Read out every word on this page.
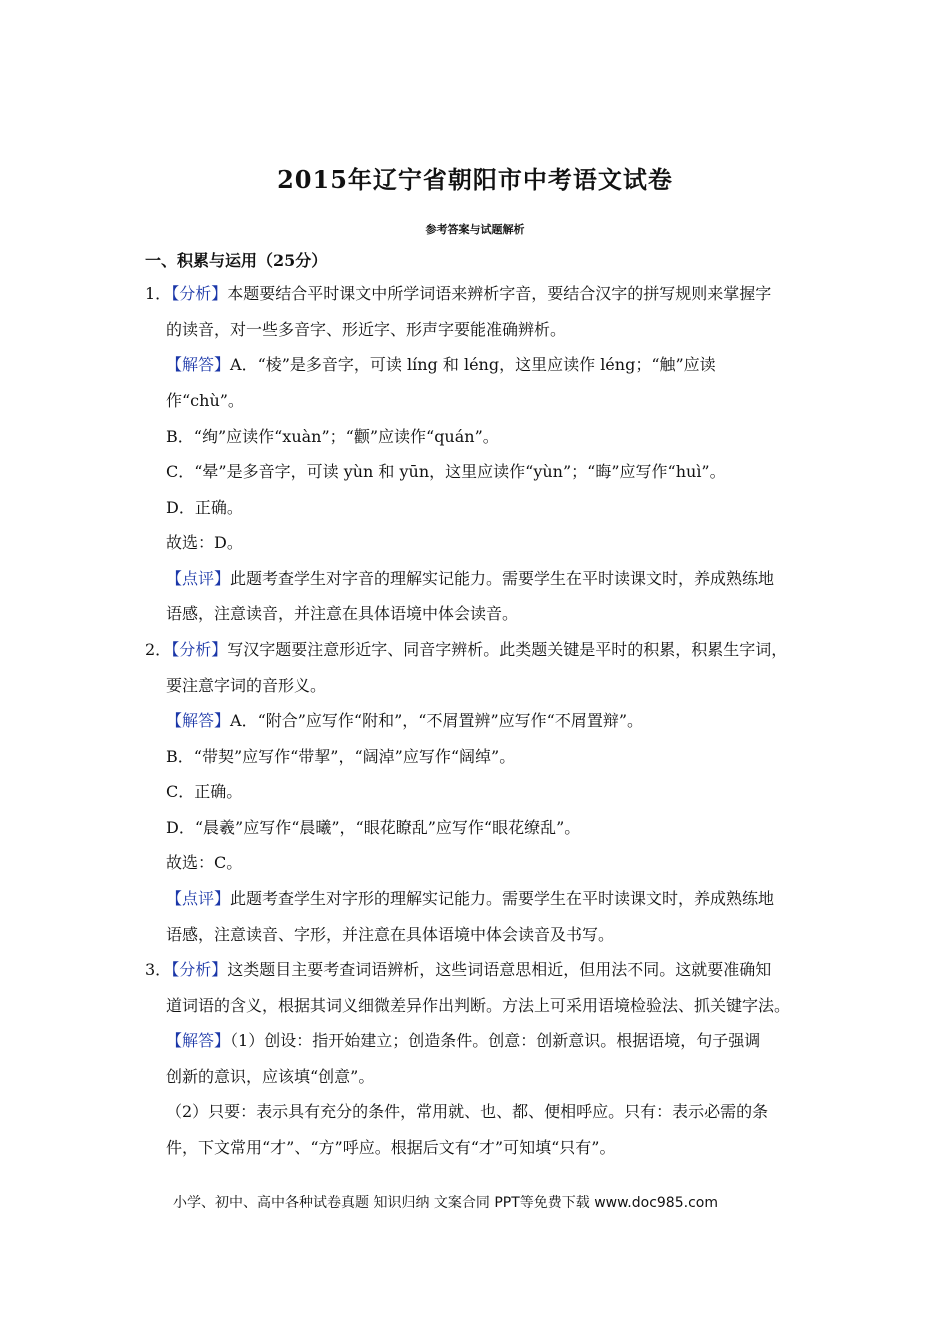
2015年辽宁省朝阳市中考语文试卷
参考答案与试题解析
一、积累与运用（25分）
1．【分析】本题要结合平时课文中所学词语来辨析字音，要结合汉字的拼写规则来掌握字
的读音，对一些多音字、形近字、形声字要能准确辨析。
【解答】A．“棱”是多音字，可读 líng 和 léng，这里应读作 léng；“触”应读
作“chù”。
B．“绚”应读作“xuàn”；“颧”应读作“quán”。
C．“晕”是多音字，可读 yùn 和 yūn，这里应读作“yùn”；“晦”应写作“huì”。
D．正确。
故选：D。
【点评】此题考查学生对字音的理解实记能力。需要学生在平时读课文时，养成熟练地
语感，注意读音，并注意在具体语境中体会读音。
2．【分析】写汉字题要注意形近字、同音字辨析。此类题关键是平时的积累，积累生字词，
要注意字词的音形义。
【解答】A．“附合”应写作“附和”，“不屑置辨”应写作“不屑置辩”。
B．“带契”应写作“带挈”，“阔淖”应写作“阔绰”。
C．正确。
D．“晨羲”应写作“晨曦”，“眼花瞭乱”应写作“眼花缭乱”。
故选：C。
【点评】此题考查学生对字形的理解实记能力。需要学生在平时读课文时，养成熟练地
语感，注意读音、字形，并注意在具体语境中体会读音及书写。
3．【分析】这类题目主要考查词语辨析，这些词语意思相近，但用法不同。这就要准确知
道词语的含义，根据其词义细微差异作出判断。方法上可采用语境检验法、抓关键字法。
【解答】（1）创设：指开始建立；创造条件。创意：创新意识。根据语境，句子强调
创新的意识，应该填“创意”。
（2）只要：表示具有充分的条件，常用就、也、都、便相呼应。只有：表示必需的条
件，下文常用“才”、“方”呼应。根据后文有“才”可知填“只有”。
小学、初中、高中各种试卷真题 知识归纳 文案合同 PPT等免费下载 www.doc985.com
